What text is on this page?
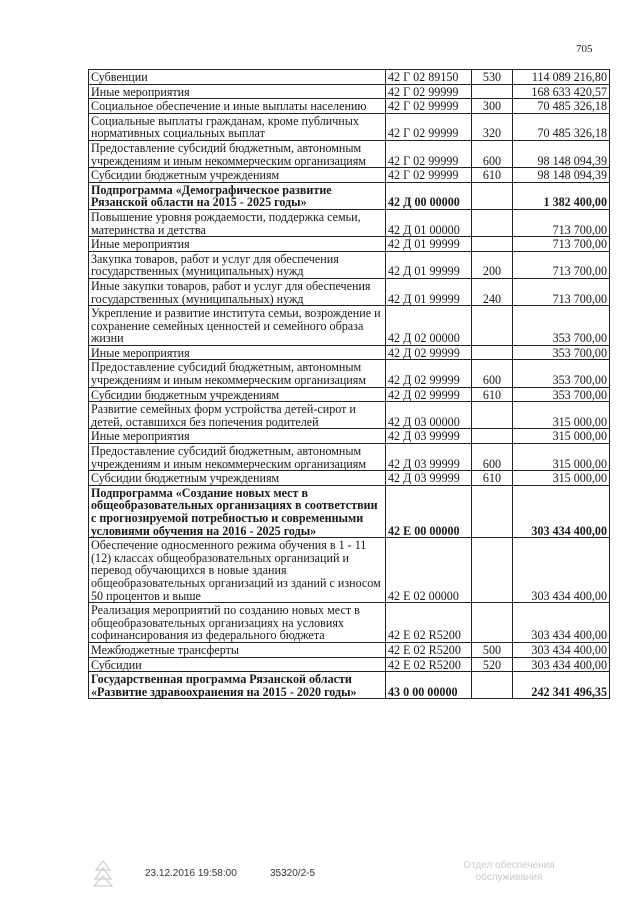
705
Субвенции	42 Г 02 89150	530	114 089 216,80
Иные мероприятия	42 Г 02 99999		168 633 420,57
Социальное обеспечение и иные выплаты населению	42 Г 02 99999	300	70 485 326,18
Социальные выплаты гражданам, кроме публичных нормативных социальных выплат	42 Г 02 99999	320	70 485 326,18
Предоставление субсидий бюджетным, автономным учреждениям и иным некоммерческим организациям	42 Г 02 99999	600	98 148 094,39
Субсидии бюджетным учреждениям	42 Г 02 99999	610	98 148 094,39
Подпрограмма «Демографическое развитие Рязанской области на 2015 - 2025 годы»	42 Д 00 00000		1 382 400,00
Повышение уровня рождаемости, поддержка семьи, материнства и детства	42 Д 01 00000		713 700,00
Иные мероприятия	42 Д 01 99999		713 700,00
Закупка товаров, работ и услуг для обеспечения государственных (муниципальных) нужд	42 Д 01 99999	200	713 700,00
Иные закупки товаров, работ и услуг для обеспечения государственных (муниципальных) нужд	42 Д 01 99999	240	713 700,00
Укрепление и развитие института семьи, возрождение и сохранение семейных ценностей и семейного образа жизни	42 Д 02 00000		353 700,00
Иные мероприятия	42 Д 02 99999		353 700,00
Предоставление субсидий бюджетным, автономным учреждениям и иным некоммерческим организациям	42 Д 02 99999	600	353 700,00
Субсидии бюджетным учреждениям	42 Д 02 99999	610	353 700,00
Развитие семейных форм устройства детей-сирот и детей, оставшихся без попечения родителей	42 Д 03 00000		315 000,00
Иные мероприятия	42 Д 03 99999		315 000,00
Предоставление субсидий бюджетным, автономным учреждениям и иным некоммерческим организациям	42 Д 03 99999	600	315 000,00
Субсидии бюджетным учреждениям	42 Д 03 99999	610	315 000,00
Подпрограмма «Создание новых мест в общеобразовательных организациях в соответствии с прогнозируемой потребностью и современными условиями обучения на 2016 - 2025 годы»	42 Е 00 00000		303 434 400,00
Обеспечение односменного режима обучения в 1 - 11 (12) классах общеобразовательных организаций и перевод обучающихся в новые здания общеобразовательных организаций из зданий с износом 50 процентов и выше	42 Е 02 00000		303 434 400,00
Реализация мероприятий по созданию новых мест в общеобразовательных организациях на условиях софинансирования из федерального бюджета	42 Е 02 R5200		303 434 400,00
Межбюджетные трансферты	42 Е 02 R5200	500	303 434 400,00
Субсидии	42 Е 02 R5200	520	303 434 400,00
Государственная программа Рязанской области «Развитие здравоохранения на 2015 - 2020 годы»	43 0 00 00000		242 341 496,35
23.12.2016 19:58:00	35320/2-5
Отдел обеспечения
обслуживания
